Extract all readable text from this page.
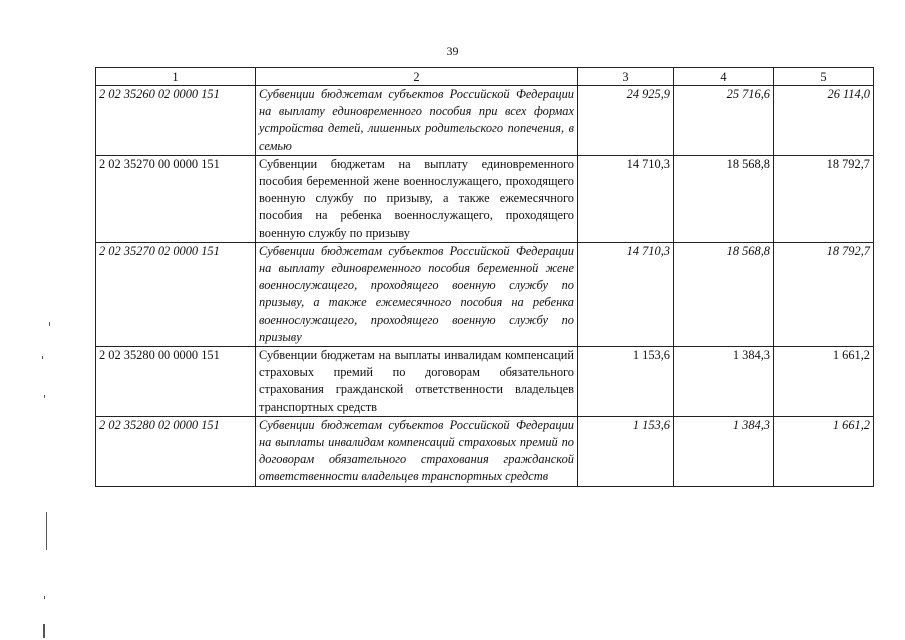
39
1	2	3	4	5
2 02 35260 02 0000 151	Субвенции бюджетам субъектов Российской Федерации на выплату единовременного пособия при всех формах устройства детей, лишенных родительского попечения, в семью	24 925,9	25 716,6	26 114,0
2 02 35270 00 0000 151	Субвенции бюджетам на выплату единовременного пособия беременной жене военнослужащего, проходящего военную службу по призыву, а также ежемесячного пособия на ребенка военнослужащего, проходящего военную службу по призыву	14 710,3	18 568,8	18 792,7
2 02 35270 02 0000 151	Субвенции бюджетам субъектов Российской Федерации на выплату единовременного пособия беременной жене военнослужащего, проходящего военную службу по призыву, а также ежемесячного пособия на ребенка военнослужащего, проходящего военную службу по призыву	14 710,3	18 568,8	18 792,7
2 02 35280 00 0000 151	Субвенции бюджетам на выплаты инвалидам компенсаций страховых премий по договорам обязательного страхования гражданской ответственности владельцев транспортных средств	1 153,6	1 384,3	1 661,2
2 02 35280 02 0000 151	Субвенции бюджетам субъектов Российской Федерации на выплаты инвалидам компенсаций страховых премий по договорам обязательного страхования гражданской ответственности владельцев транспортных средств	1 153,6	1 384,3	1 661,2
